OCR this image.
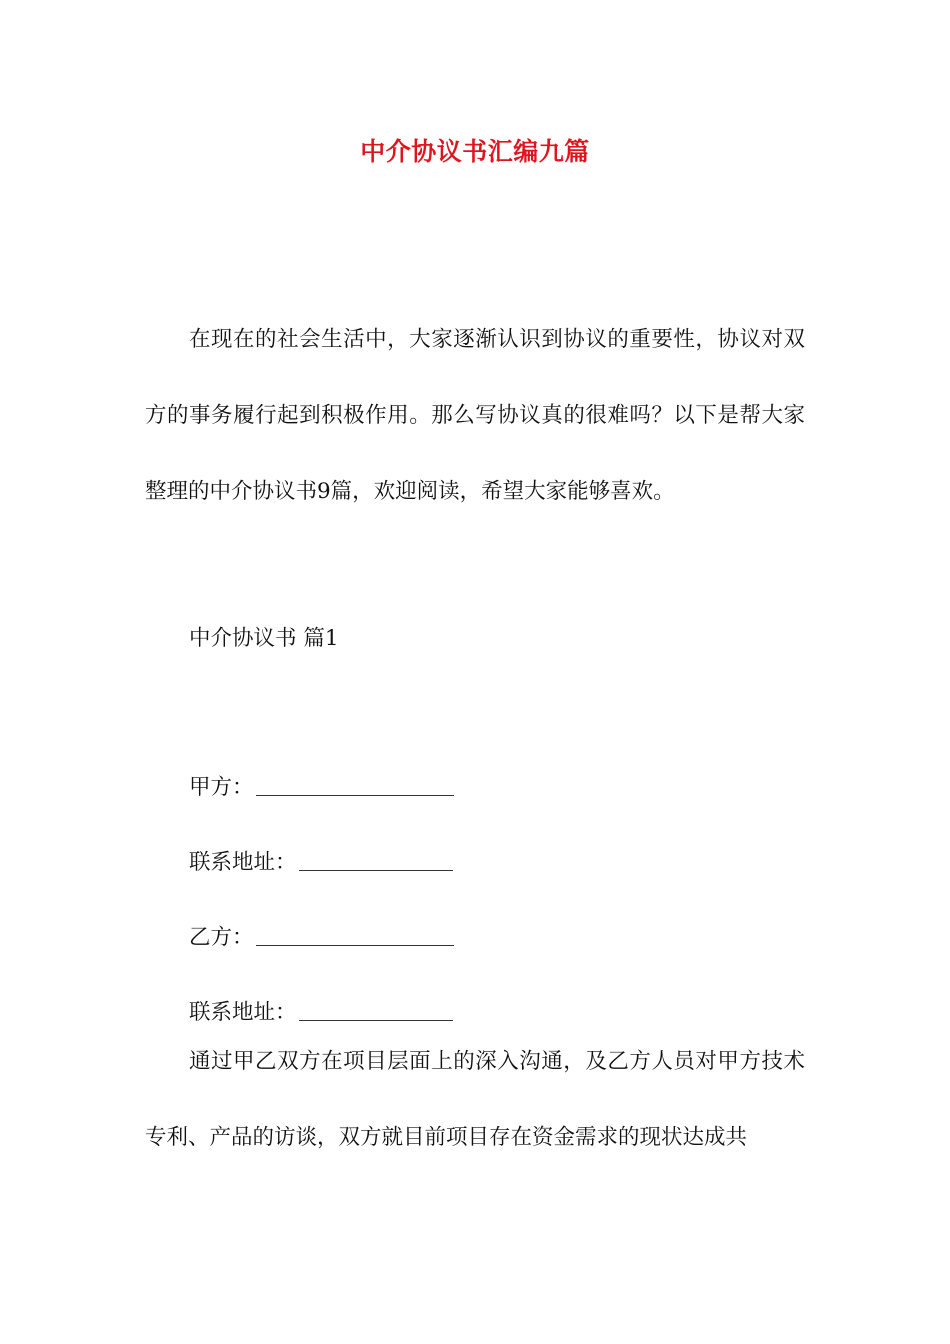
中介协议书汇编九篇

在现在的社会生活中，大家逐渐认识到协议的重要性，协议对双方的事务履行起到积极作用。那么写协议真的很难吗？以下是帮大家整理的中介协议书9篇，欢迎阅读，希望大家能够喜欢。

中介协议书 篇1
甲方：
联系地址：
乙方：
联系地址：

通过甲乙双方在项目层面上的深入沟通，及乙方人员对甲方技术专利、产品的访谈，双方就目前项目存在资金需求的现状达成共
